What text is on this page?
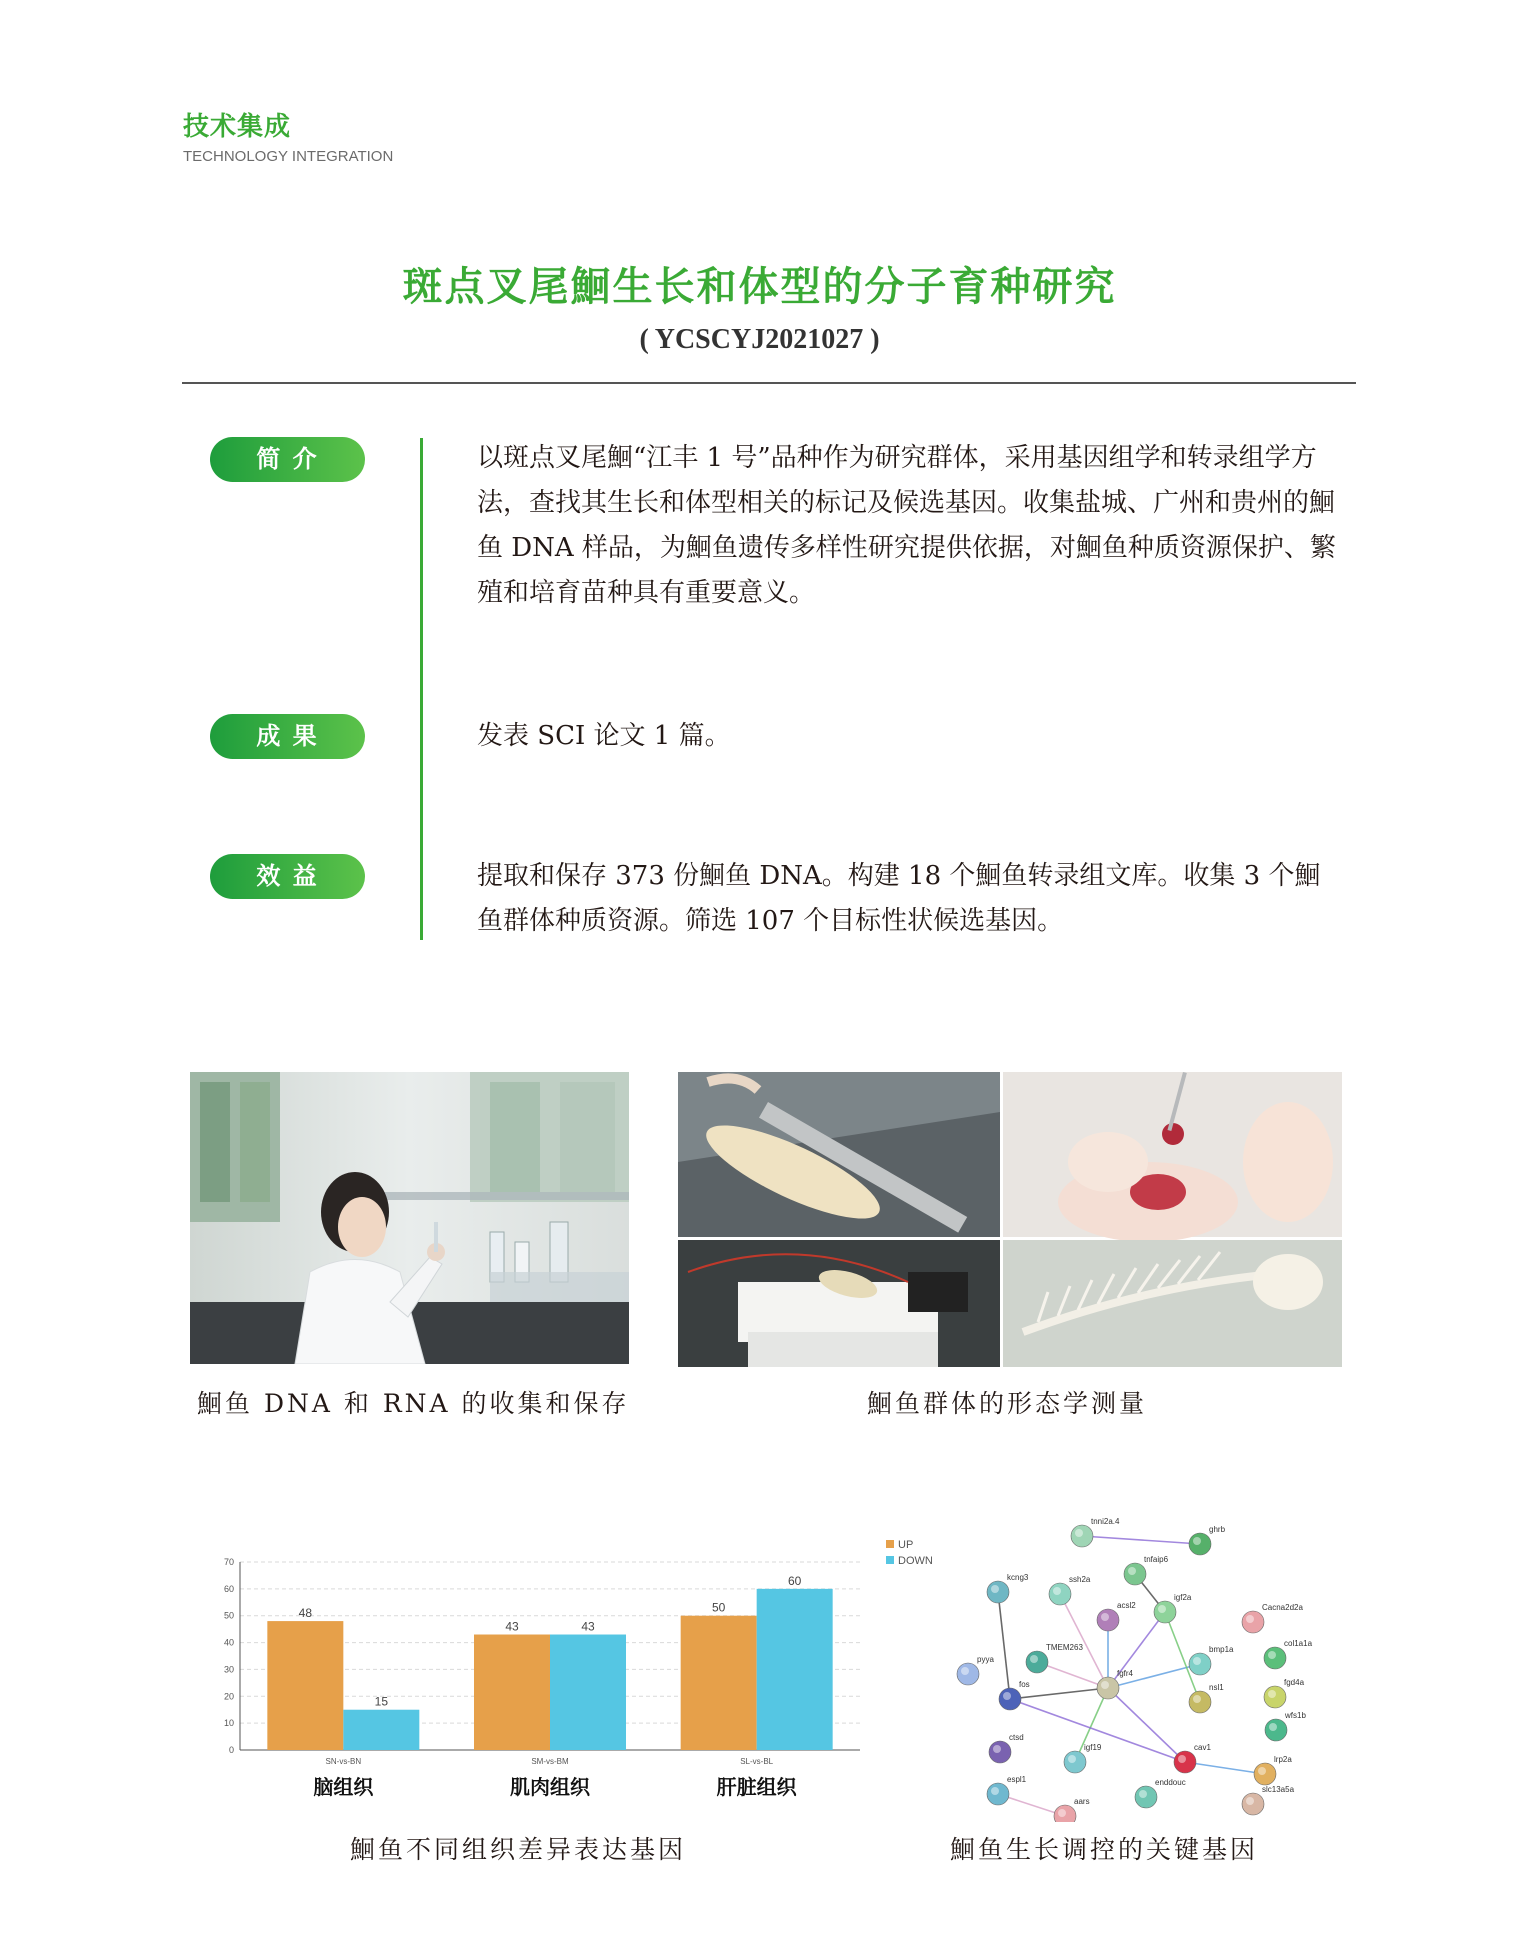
技术集成
TECHNOLOGY INTEGRATION
斑点叉尾鮰生长和体型的分子育种研究
( YCSCYJ2021027 )
简 介	以斑点叉尾鮰“江丰 1 号”品种作为研究群体，采用基因组学和转录组学方法，查找其生长和体型相关的标记及候选基因。收集盐城、广州和贵州的鮰鱼 DNA 样品，为鮰鱼遗传多样性研究提供依据，对鮰鱼种质资源保护、繁殖和培育苗种具有重要意义。

成 果	发表 SCI 论文 1 篇。

效 益	提取和保存 373 份鮰鱼 DNA。构建 18 个鮰鱼转录组文库。收集 3 个鮰鱼群体种质资源。筛选 107 个目标性状候选基因。

鮰鱼 DNA 和 RNA 的收集和保存	鮰鱼群体的形态学测量

0
10
20
30
40
50
60
70
48
15
SN-vs-BN
脑组织
43	43
SM-vs-BM
肌肉组织
50
60
SL-vs-BL
肝脏组织

鮰鱼不同组织差异表达基因

tnni2a.4
ghrb
tnfaip6
kcng3	ssh2a
acsl2
igf2a
Cacna2d2a
col1a1a
pyya
TMEM263	bmp1a
fgd4a
fos
fgfr4
nsl1
wfs1b
ctsd
igf19	cav1
lrp2a
espl1	enddouc
slc13a5a
aars
UP
DOWN

鮰鱼生长调控的关键基因
